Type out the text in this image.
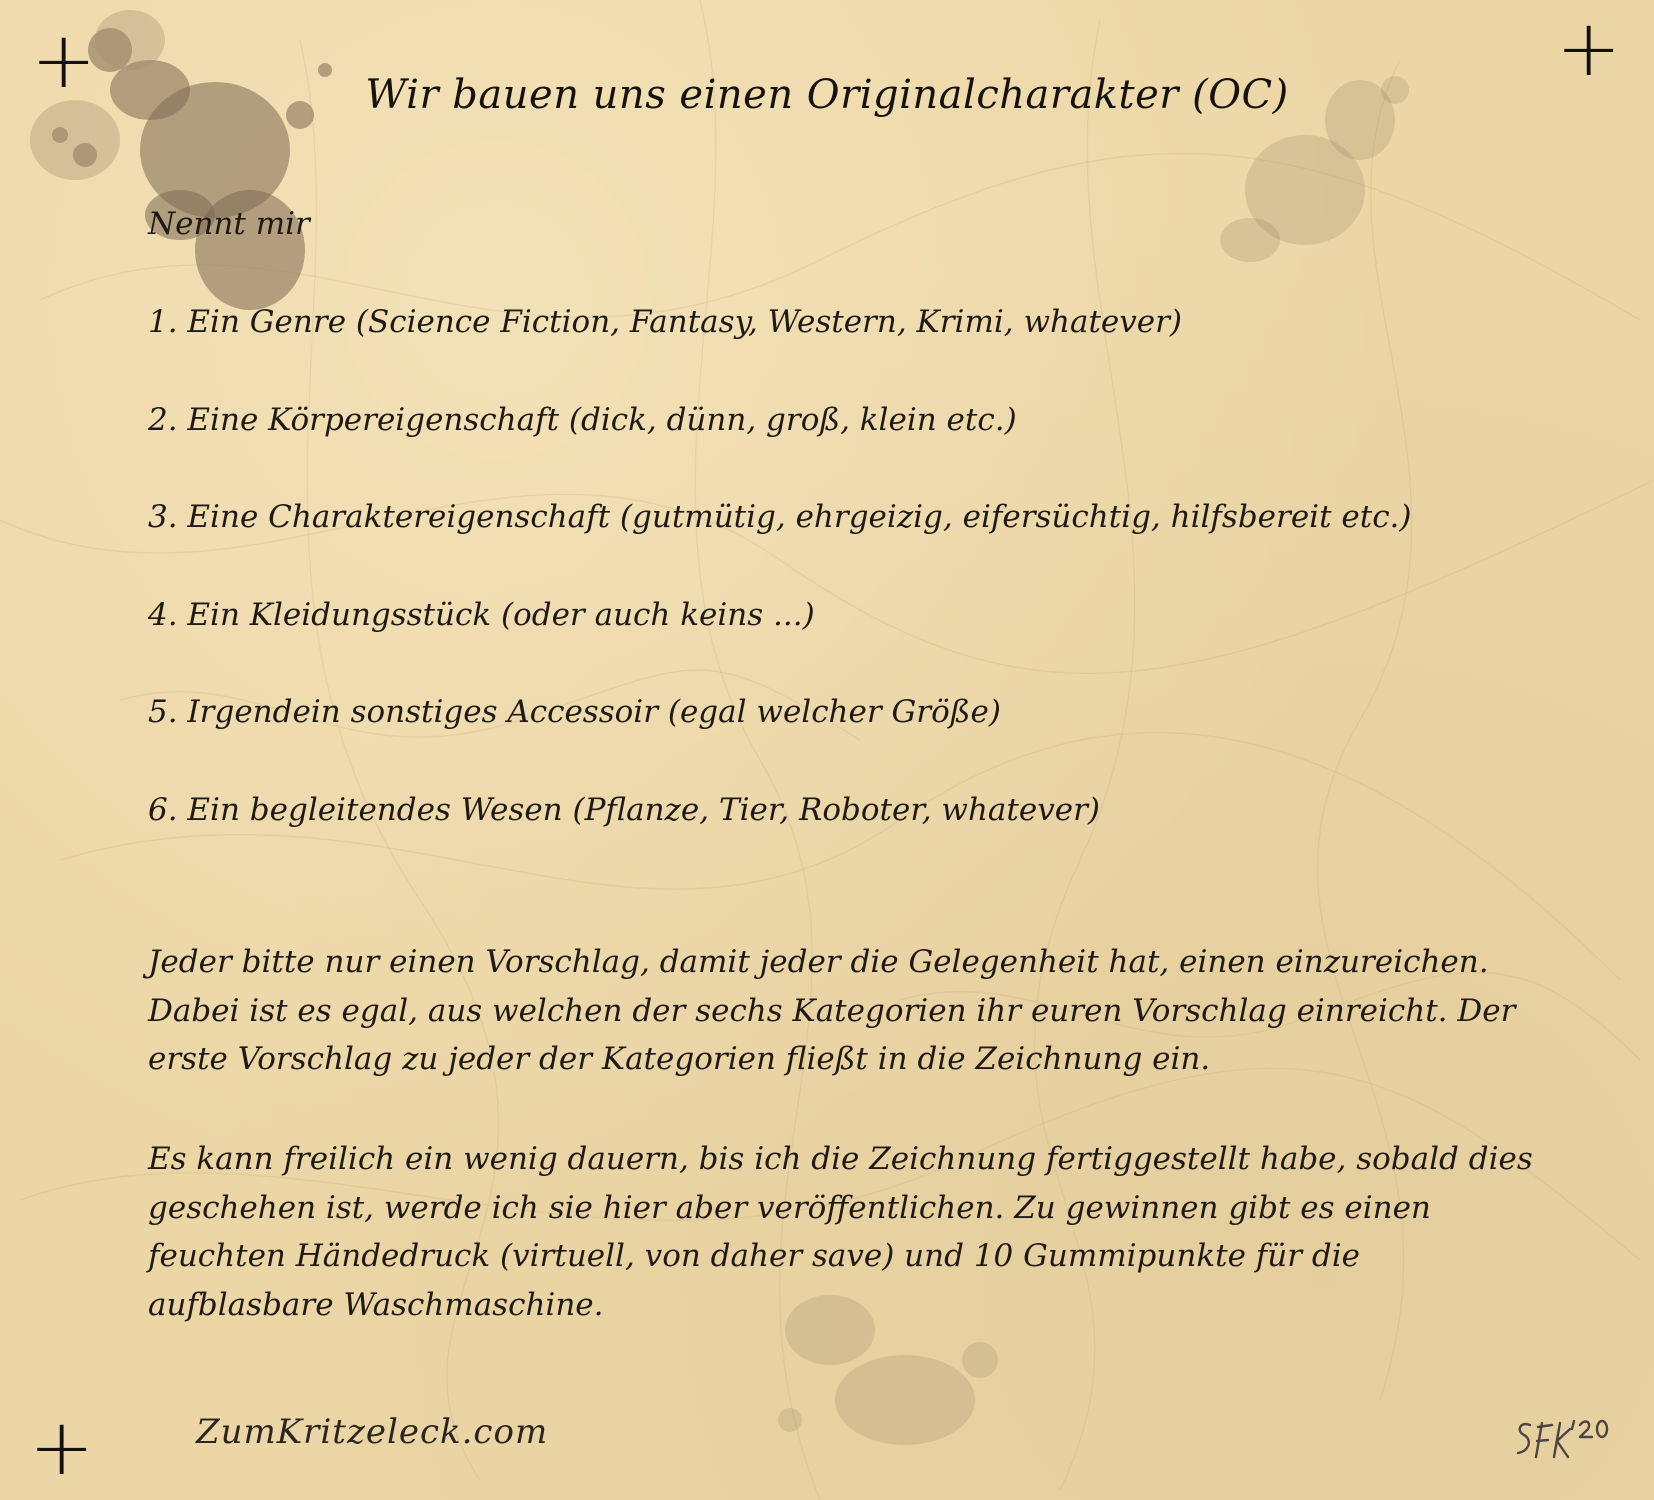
+	+
+
Wir bauen uns einen Originalcharakter (OC)
Nennt mir
1. Ein Genre (Science Fiction, Fantasy, Western, Krimi, whatever)
2. Eine Körpereigenschaft (dick, dünn, groß, klein etc.)
3. Eine Charaktereigenschaft (gutmütig, ehrgeizig, eifersüchtig, hilfsbereit etc.)
4. Ein Kleidungsstück (oder auch keins ...)
5. Irgendein sonstiges Accessoir (egal welcher Größe)
6. Ein begleitendes Wesen (Pflanze, Tier, Roboter, whatever)

Jeder bitte nur einen Vorschlag, damit jeder die Gelegenheit hat, einen einzureichen. Dabei ist es egal, aus welchen der sechs Kategorien ihr euren Vorschlag einreicht. Der erste Vorschlag zu jeder der Kategorien fließt in die Zeichnung ein.

Es kann freilich ein wenig dauern, bis ich die Zeichnung fertiggestellt habe, sobald dies geschehen ist, werde ich sie hier aber veröffentlichen. Zu gewinnen gibt es einen feuchten Händedruck (virtuell, von daher save) und 10 Gummipunkte für die aufblasbare Waschmaschine.

ZumKritzeleck.com
